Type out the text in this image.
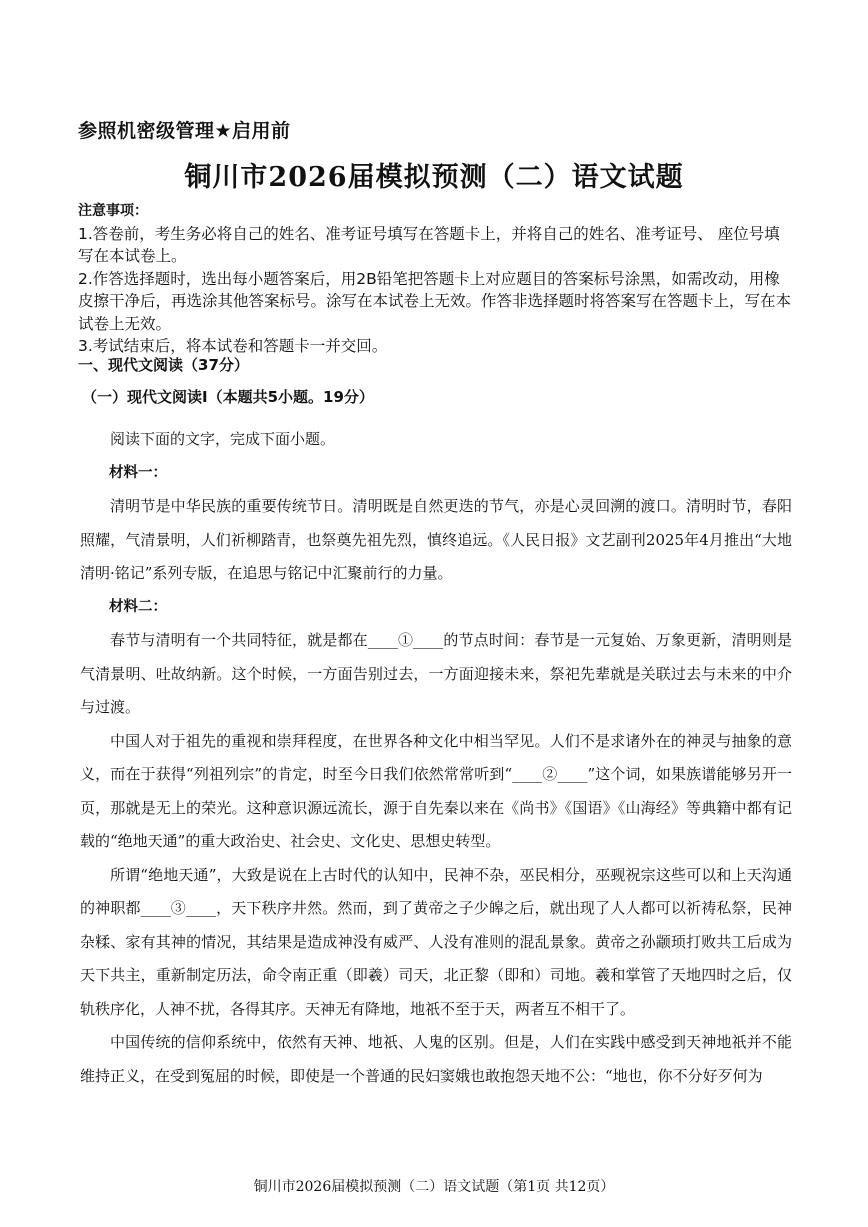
参照机密级管理★启用前
铜川市2026届模拟预测（二）语文试题
注意事项：

1.答卷前，考生务必将自己的姓名、准考证号填写在答题卡上，并将自己的姓名、准考证号、 座位号填写在本试卷上。

2.作答选择题时，选出每小题答案后，用2B铅笔把答题卡上对应题目的答案标号涂黑，如需改动，用橡皮擦干净后，再选涂其他答案标号。涂写在本试卷上无效。作答非选择题时将答案写在答题卡上，写在本试卷上无效。

3.考试结束后，将本试卷和答题卡一并交回。

一、现代文阅读（37分）
（一）现代文阅读Ⅰ（本题共5小题。19分）

阅读下面的文字，完成下面小题。

材料一：

清明节是中华民族的重要传统节日。清明既是自然更迭的节气，亦是心灵回溯的渡口。清明时节，春阳照耀，气清景明，人们祈柳踏青，也祭奠先祖先烈，慎终追远。《人民日报》文艺副刊2025年4月推出“大地清明·铭记”系列专版，在追思与铭记中汇聚前行的力量。

材料二：

春节与清明有一个共同特征，就是都在____①____的节点时间：春节是一元复始、万象更新，清明则是气清景明、吐故纳新。这个时候，一方面告别过去，一方面迎接未来，祭祀先辈就是关联过去与未来的中介与过渡。

中国人对于祖先的重视和崇拜程度，在世界各种文化中相当罕见。人们不是求诸外在的神灵与抽象的意义，而在于获得“列祖列宗”的肯定，时至今日我们依然常常听到“____②____”这个词，如果族谱能够另开一页，那就是无上的荣光。这种意识源远流长，源于自先秦以来在《尚书》《国语》《山海经》等典籍中都有记载的“绝地天通”的重大政治史、社会史、文化史、思想史转型。

所谓“绝地天通”，大致是说在上古时代的认知中，民神不杂，巫民相分，巫觋祝宗这些可以和上天沟通的神职都____③____，天下秩序井然。然而，到了黄帝之子少皞之后，就出现了人人都可以祈祷私祭，民神杂糅、家有其神的情况，其结果是造成神没有威严、人没有准则的混乱景象。黄帝之孙颛顼打败共工后成为天下共主，重新制定历法，命令南正重（即羲）司天，北正黎（即和）司地。羲和掌管了天地四时之后，仅轨秩序化，人神不扰，各得其序。天神无有降地，地祇不至于天，两者互不相干了。

中国传统的信仰系统中，依然有天神、地祇、人鬼的区别。但是，人们在实践中感受到天神地祇并不能维持正义，在受到冤屈的时候，即使是一个普通的民妇窦娥也敢抱怨天地不公：“地也，你不分好歹何为

铜川市2026届模拟预测（二）语文试题（第1页 共12页）
